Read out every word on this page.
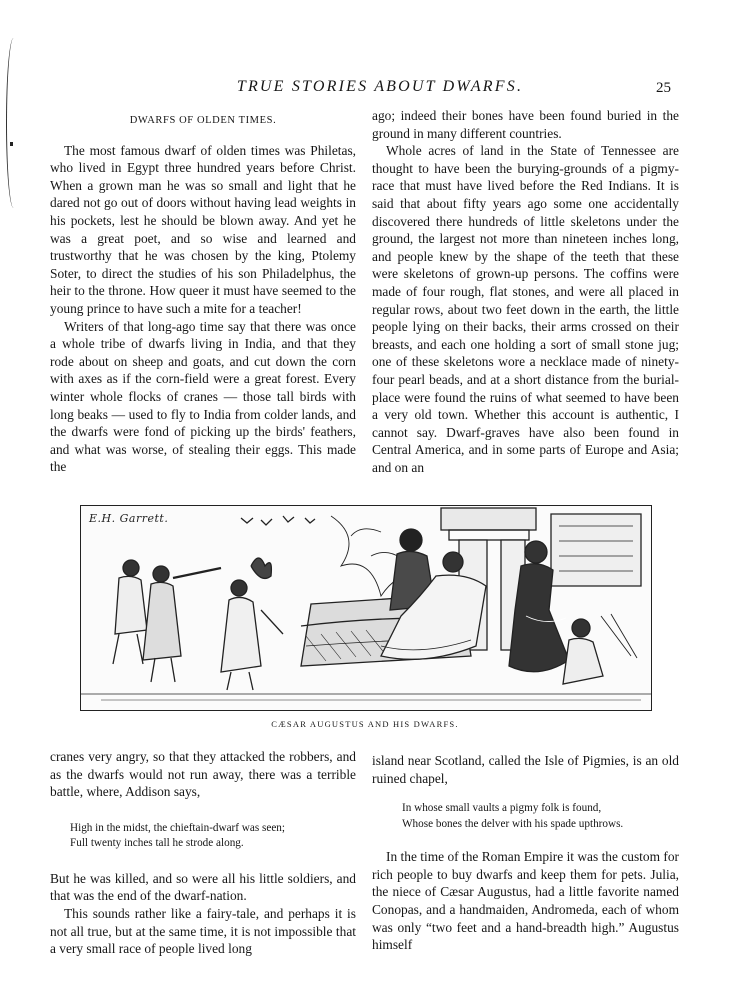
TRUE STORIES ABOUT DWARFS.	25

DWARFS OF OLDEN TIMES.

The most famous dwarf of olden times was Philetas, who lived in Egypt three hundred years before Christ. When a grown man he was so small and light that he dared not go out of doors without having lead weights in his pockets, lest he should be blown away. And yet he was a great poet, and so wise and learned and trustworthy that he was chosen by the king, Ptolemy Soter, to direct the studies of his son Philadelphus, the heir to the throne. How queer it must have seemed to the young prince to have such a mite for a teacher!

Writers of that long-ago time say that there was once a whole tribe of dwarfs living in India, and that they rode about on sheep and goats, and cut down the corn with axes as if the corn-field were a great forest. Every winter whole flocks of cranes — those tall birds with long beaks — used to fly to India from colder lands, and the dwarfs were fond of picking up the birds' feathers, and what was worse, of stealing their eggs. This made the

ago; indeed their bones have been found buried in the ground in many different countries.

Whole acres of land in the State of Tennessee are thought to have been the burying-grounds of a pigmy-race that must have lived before the Red Indians. It is said that about fifty years ago some one accidentally discovered there hundreds of little skeletons under the ground, the largest not more than nineteen inches long, and people knew by the shape of the teeth that these were skeletons of grown-up persons. The coffins were made of four rough, flat stones, and were all placed in regular rows, about two feet down in the earth, the little people lying on their backs, their arms crossed on their breasts, and each one holding a sort of small stone jug; one of these skeletons wore a necklace made of ninety-four pearl beads, and at a short distance from the burial-place were found the ruins of what seemed to have been a very old town. Whether this account is authentic, I cannot say. Dwarf-graves have also been found in Central America, and in some parts of Europe and Asia; and on an

E.H. Garrett.
CÆSAR AUGUSTUS AND HIS DWARFS.

cranes very angry, so that they attacked the robbers, and as the dwarfs would not run away, there was a terrible battle, where, Addison says,

High in the midst, the chieftain-dwarf was seen;
Full twenty inches tall he strode along.

But he was killed, and so were all his little soldiers, and that was the end of the dwarf-nation.

This sounds rather like a fairy-tale, and perhaps it is not all true, but at the same time, it is not impossible that a very small race of people lived long

island near Scotland, called the Isle of Pigmies, is an old ruined chapel,

In whose small vaults a pigmy folk is found,
Whose bones the delver with his spade upthrows.

In the time of the Roman Empire it was the custom for rich people to buy dwarfs and keep them for pets. Julia, the niece of Cæsar Augustus, had a little favorite named Conopas, and a handmaiden, Andromeda, each of whom was only “two feet and a hand-breadth high.” Augustus himself
